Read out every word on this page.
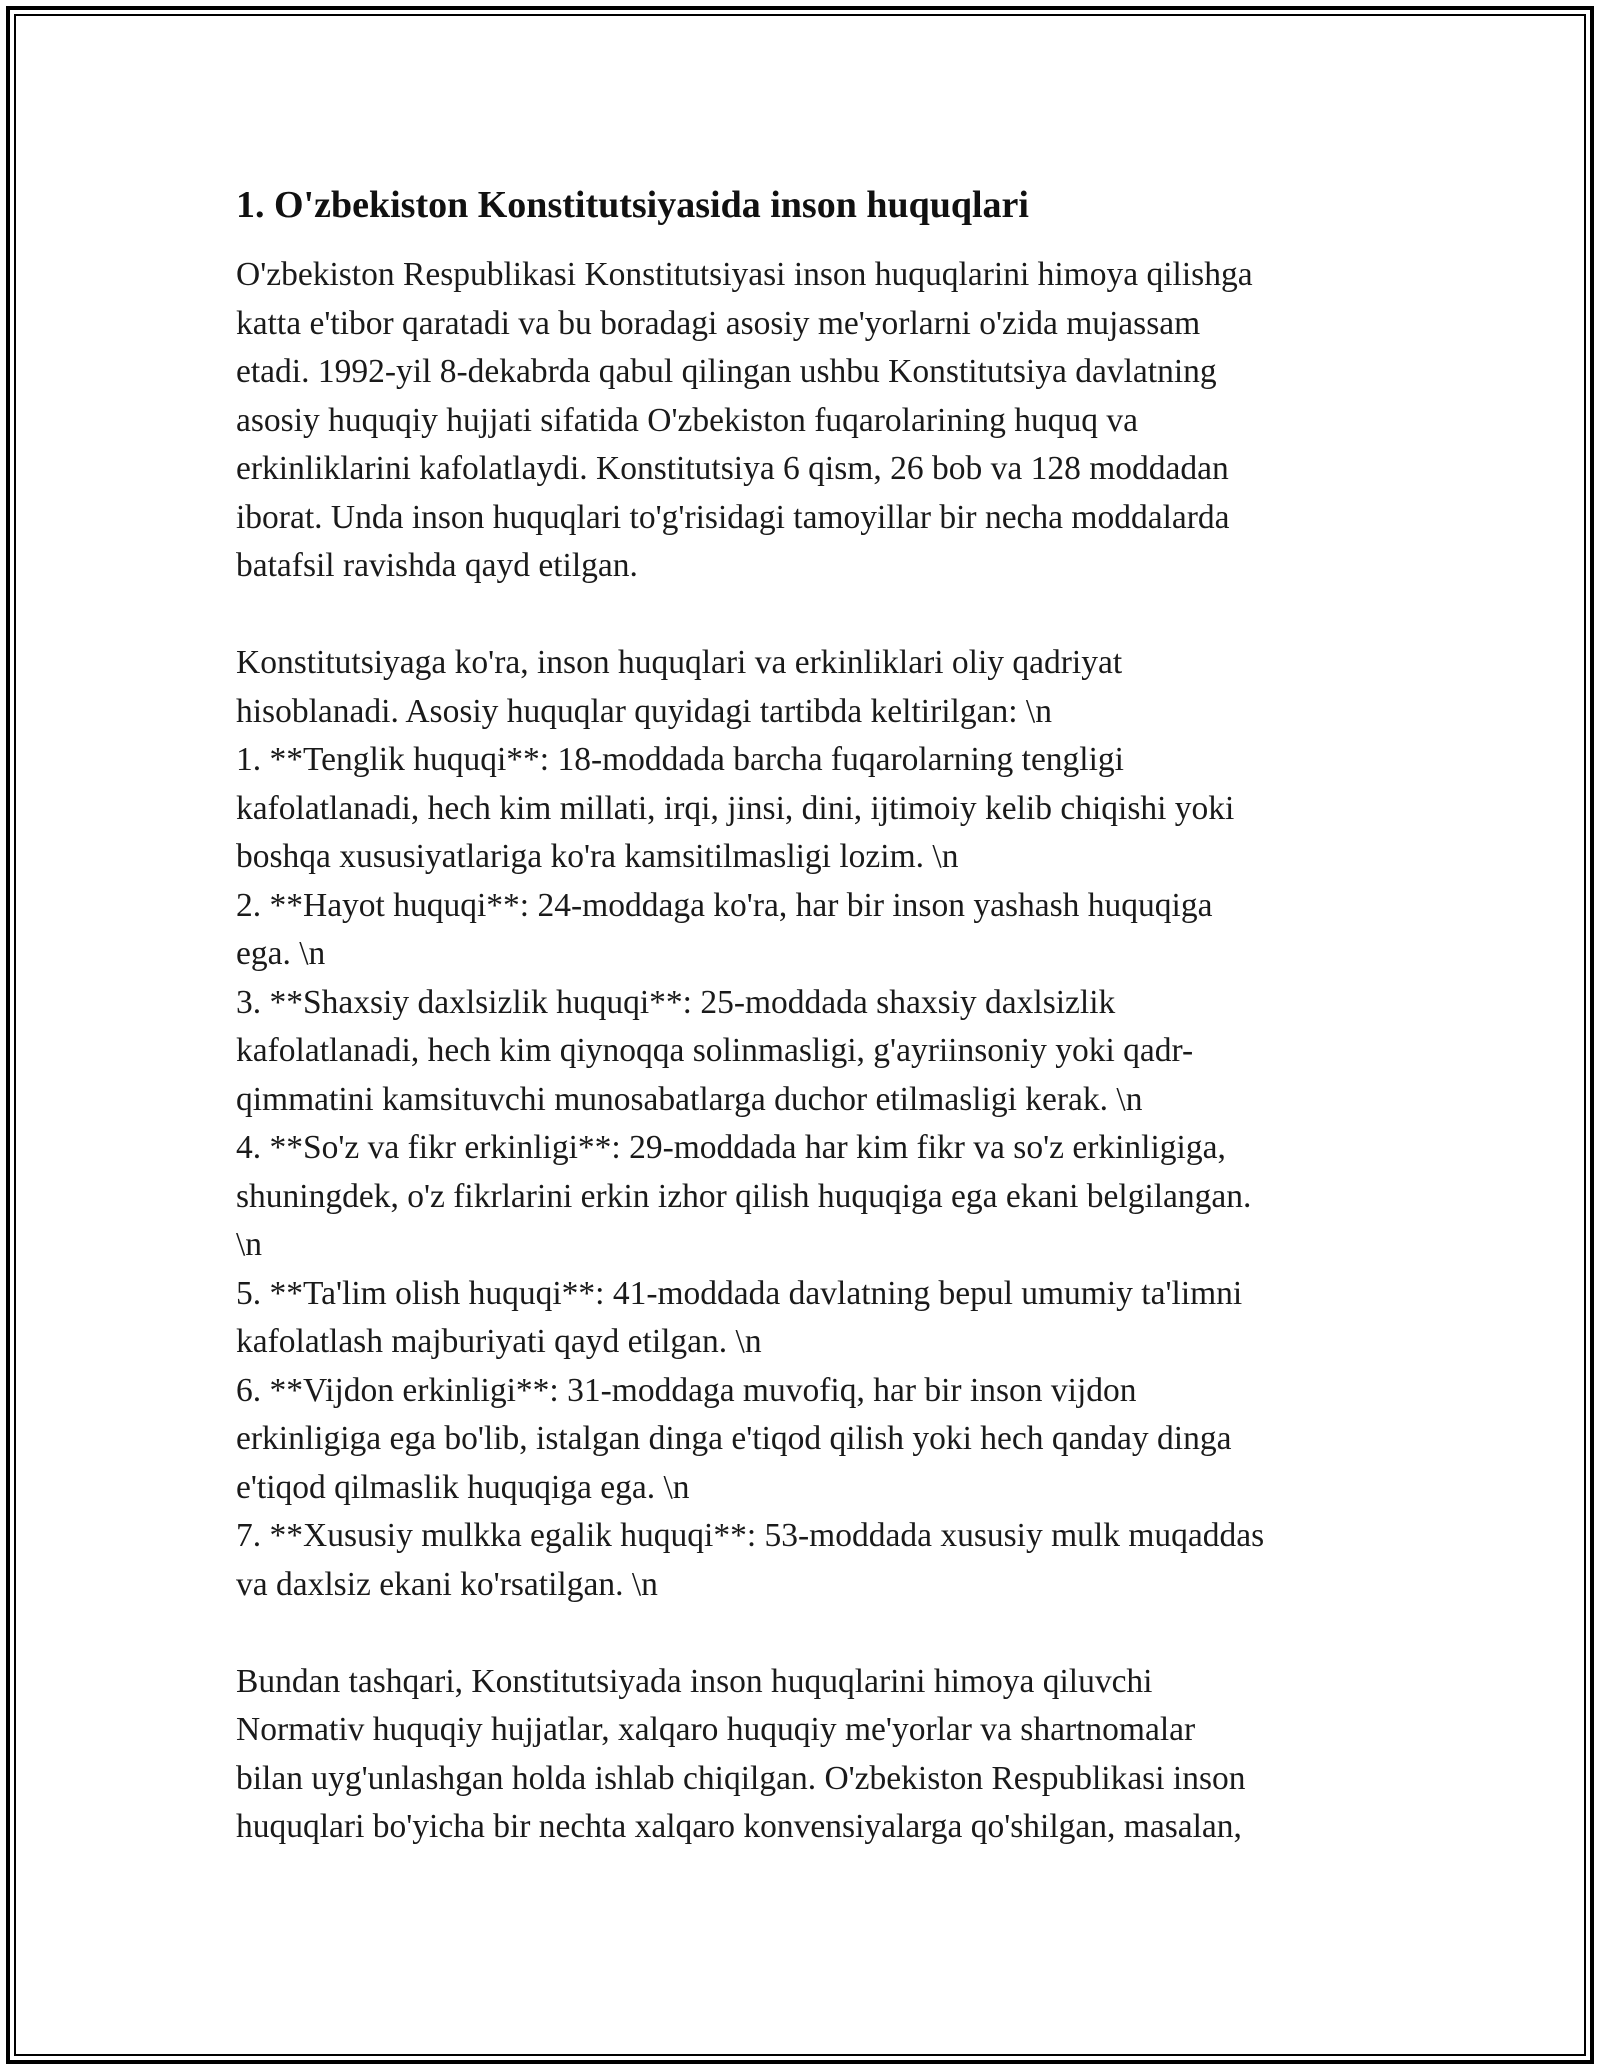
1. O'zbekiston Konstitutsiyasida inson huquqlari

O'zbekiston Respublikasi Konstitutsiyasi inson huquqlarini himoya qilishga
katta e'tibor qaratadi va bu boradagi asosiy me'yorlarni o'zida mujassam
etadi. 1992-yil 8-dekabrda qabul qilingan ushbu Konstitutsiya davlatning
asosiy huquqiy hujjati sifatida O'zbekiston fuqarolarining huquq va
erkinliklarini kafolatlaydi. Konstitutsiya 6 qism, 26 bob va 128 moddadan
iborat. Unda inson huquqlari to'g'risidagi tamoyillar bir necha moddalarda
batafsil ravishda qayd etilgan.

Konstitutsiyaga ko'ra, inson huquqlari va erkinliklari oliy qadriyat
hisoblanadi. Asosiy huquqlar quyidagi tartibda keltirilgan: \n
1. **Tenglik huquqi**: 18-moddada barcha fuqarolarning tengligi
kafolatlanadi, hech kim millati, irqi, jinsi, dini, ijtimoiy kelib chiqishi yoki
boshqa xususiyatlariga ko'ra kamsitilmasligi lozim. \n
2. **Hayot huquqi**: 24-moddaga ko'ra, har bir inson yashash huquqiga
ega. \n
3. **Shaxsiy daxlsizlik huquqi**: 25-moddada shaxsiy daxlsizlik
kafolatlanadi, hech kim qiynoqqa solinmasligi, g'ayriinsoniy yoki qadr-
qimmatini kamsituvchi munosabatlarga duchor etilmasligi kerak. \n
4. **So'z va fikr erkinligi**: 29-moddada har kim fikr va so'z erkinligiga,
shuningdek, o'z fikrlarini erkin izhor qilish huquqiga ega ekani belgilangan.
\n
5. **Ta'lim olish huquqi**: 41-moddada davlatning bepul umumiy ta'limni
kafolatlash majburiyati qayd etilgan. \n
6. **Vijdon erkinligi**: 31-moddaga muvofiq, har bir inson vijdon
erkinligiga ega bo'lib, istalgan dinga e'tiqod qilish yoki hech qanday dinga
e'tiqod qilmaslik huquqiga ega. \n
7. **Xususiy mulkka egalik huquqi**: 53-moddada xususiy mulk muqaddas
va daxlsiz ekani ko'rsatilgan. \n

Bundan tashqari, Konstitutsiyada inson huquqlarini himoya qiluvchi
Normativ huquqiy hujjatlar, xalqaro huquqiy me'yorlar va shartnomalar
bilan uyg'unlashgan holda ishlab chiqilgan. O'zbekiston Respublikasi inson
huquqlari bo'yicha bir nechta xalqaro konvensiyalarga qo'shilgan, masalan,
